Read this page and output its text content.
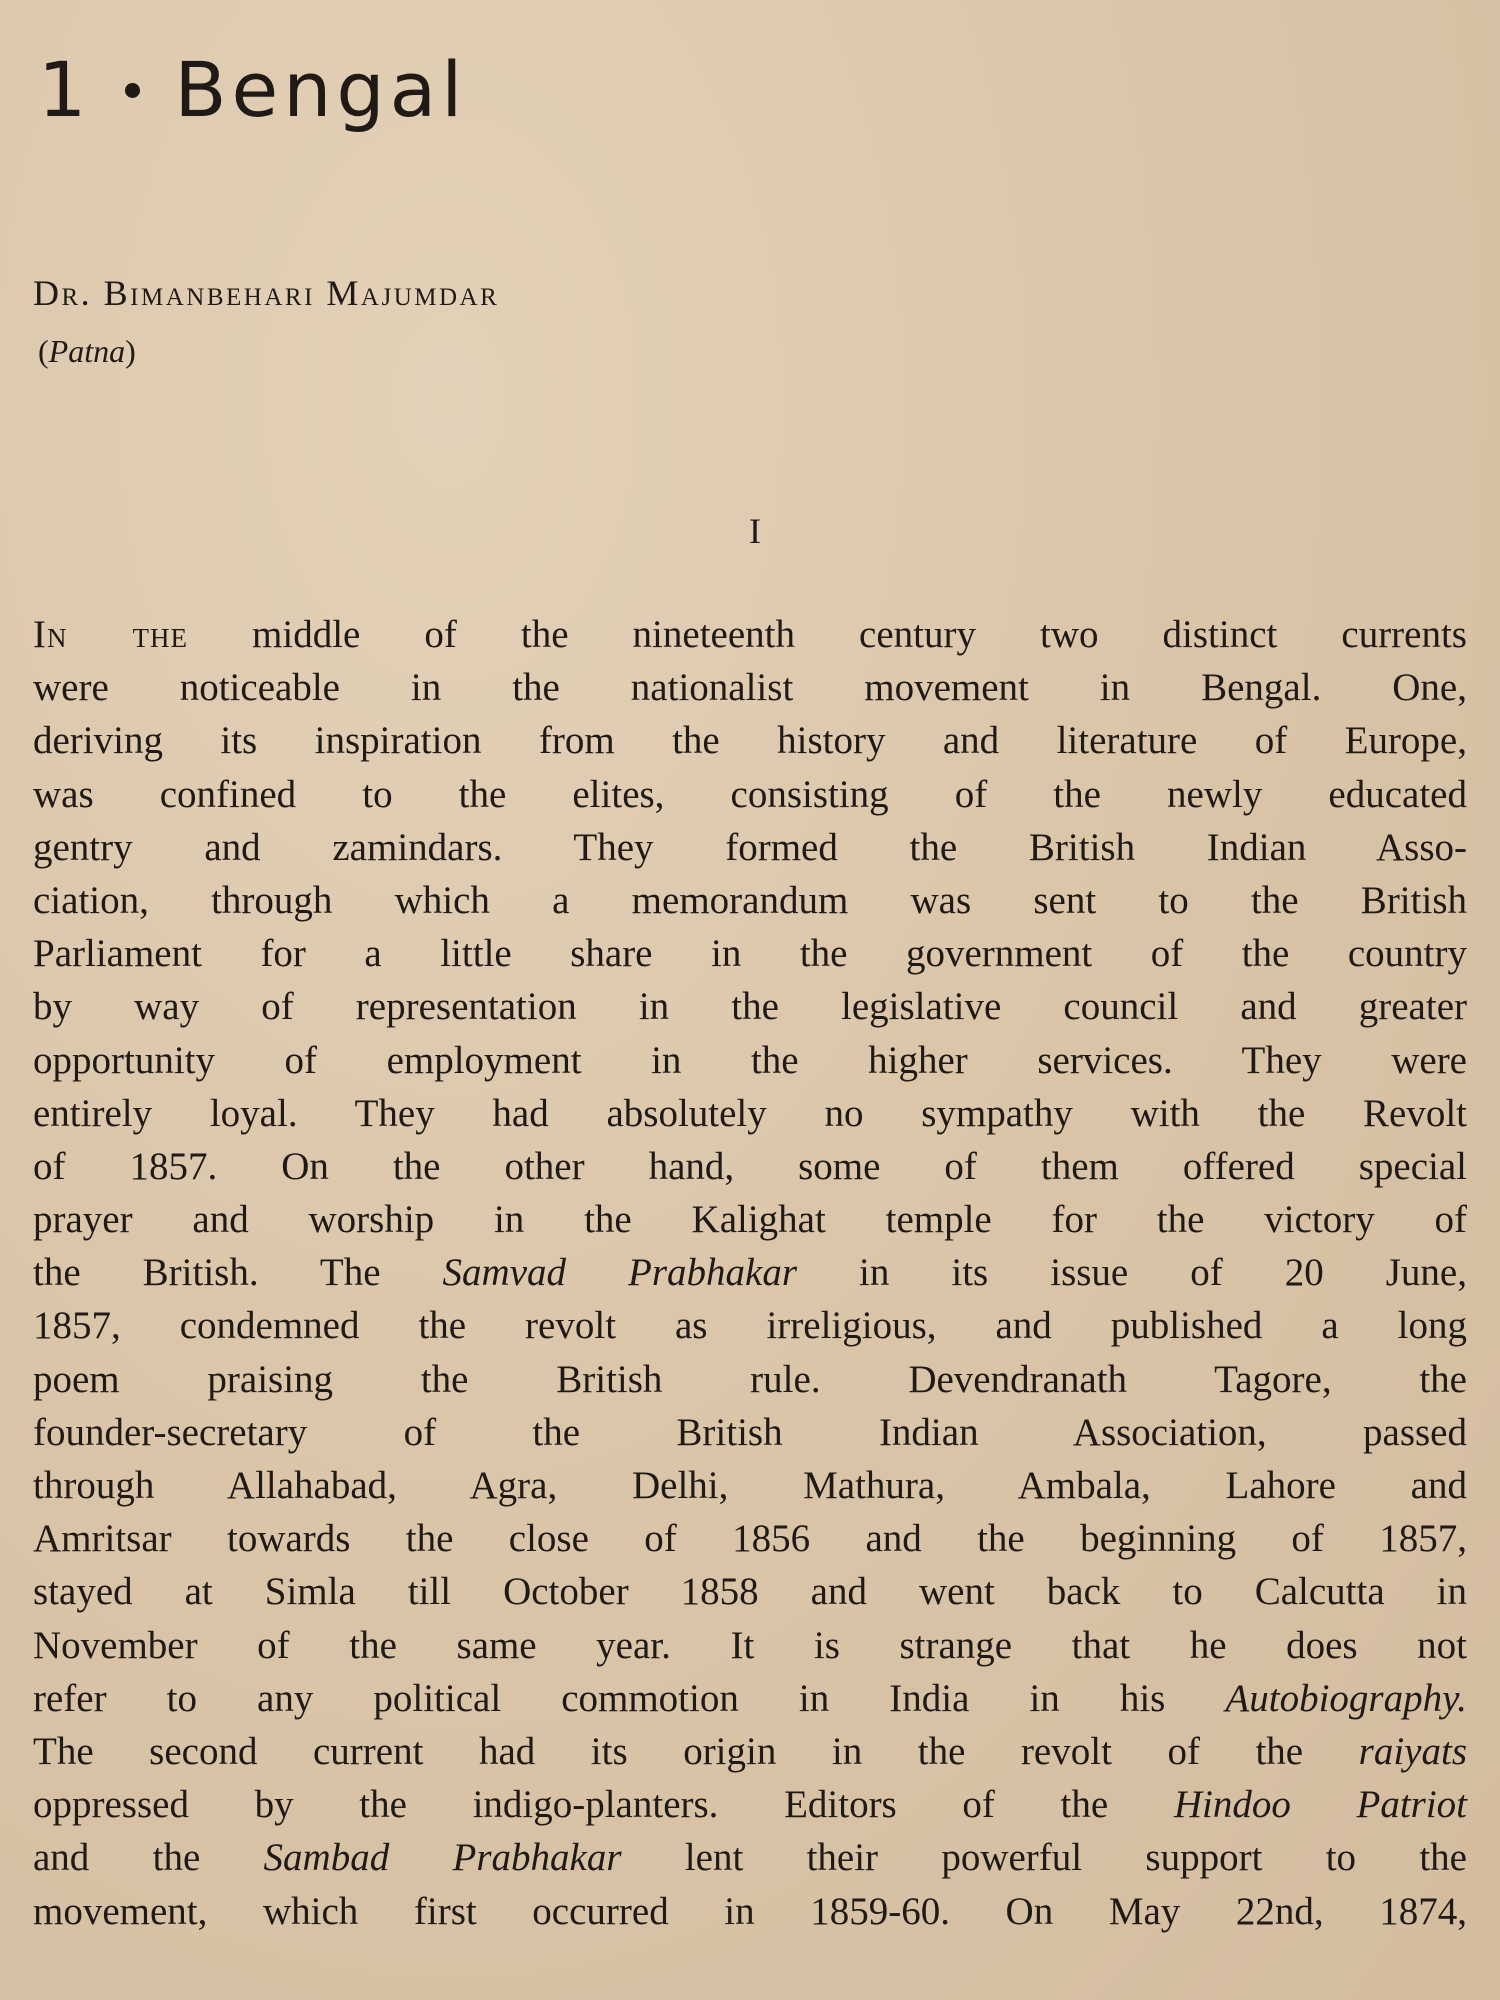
1 Bengal
Dr. Bimanbehari Majumdar
(Patna)
I
In the middle of the nineteenth century two distinct currents
were noticeable in the nationalist movement in Bengal. One,
deriving its inspiration from the history and literature of Europe,
was confined to the elites, consisting of the newly educated
gentry and zamindars. They formed the British Indian Asso-
ciation, through which a memorandum was sent to the British
Parliament for a little share in the government of the country
by way of representation in the legislative council and greater
opportunity of employment in the higher services. They were
entirely loyal. They had absolutely no sympathy with the Revolt
of 1857. On the other hand, some of them offered special
prayer and worship in the Kalighat temple for the victory of
the British. The Samvad Prabhakar in its issue of 20 June,
1857, condemned the revolt as irreligious, and published a long
poem praising the British rule. Devendranath Tagore, the
founder-secretary of the British Indian Association, passed
through Allahabad, Agra, Delhi, Mathura, Ambala, Lahore and
Amritsar towards the close of 1856 and the beginning of 1857,
stayed at Simla till October 1858 and went back to Calcutta in
November of the same year. It is strange that he does not
refer to any political commotion in India in his Autobiography.
The second current had its origin in the revolt of the raiyats
oppressed by the indigo-planters. Editors of the Hindoo Patriot
and the Sambad Prabhakar lent their powerful support to the
movement, which first occurred in 1859-60. On May 22nd, 1874,
